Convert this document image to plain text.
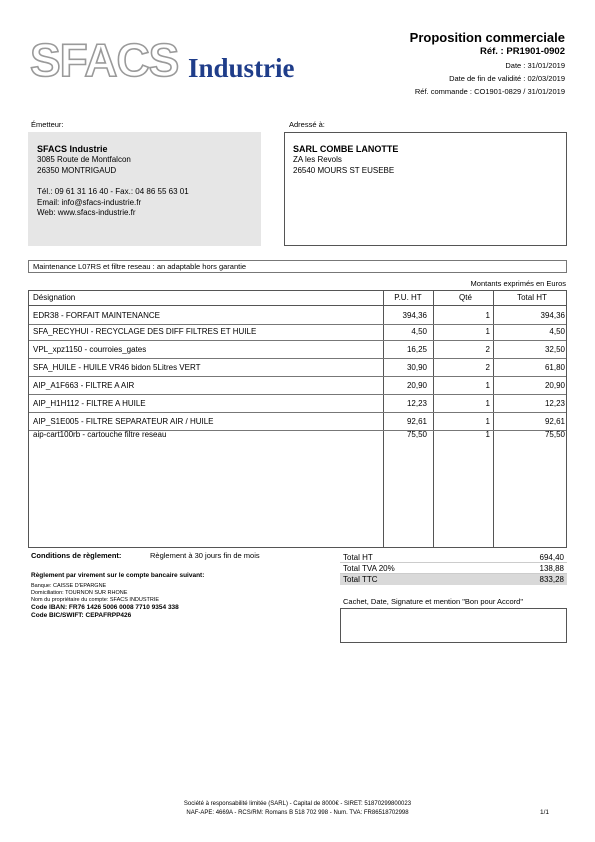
SFACS Industrie
Proposition commerciale
Réf. : PR1901-0902
Date : 31/01/2019
Date de fin de validité : 02/03/2019
Réf. commande : CO1901-0829 / 31/01/2019
Émetteur:
SFACS Industrie
3085 Route de Montfalcon
26350 MONTRIGAUD
Tél.: 09 61 31 16 40 - Fax.: 04 86 55 63 01
Email: info@sfacs-industrie.fr
Web: www.sfacs-industrie.fr
Adressé à:
SARL COMBE LANOTTE
ZA les Revols
26540 MOURS ST EUSEBE
Maintenance L07RS et filtre reseau : an adaptable hors garantie
Montants exprimés en Euros
Désignation	P.U. HT	Qté	Total HT
EDR38 - FORFAIT MAINTENANCE	394,36	1	394,36
SFA_RECYHUI - RECYCLAGE DES DIFF FILTRES ET HUILE	4,50	1	4,50
VPL_xpz1150 - courroies_gates	16,25	2	32,50
SFA_HUILE - HUILE VR46 bidon 5Litres VERT	30,90	2	61,80
AIP_A1F663 - FILTRE A AIR	20,90	1	20,90
AIP_H1H112 - FILTRE A HUILE	12,23	1	12,23
AIP_S1E005 - FILTRE SEPARATEUR AIR / HUILE	92,61	1	92,61
aip-cart100rb - cartouche filtre reseau	75,50	1	75,50
Conditions de règlement:	Règlement à 30 jours fin de mois
Règlement par virement sur le compte bancaire suivant:
Banque: CAISSE D'EPARGNE
Domiciliation: TOURNON SUR RHONE
Nom du propriétaire du compte: SFACS INDUSTRIE
Code IBAN: FR76 1426 5006 0008 7710 9354 338
Code BIC/SWIFT: CEPAFRPP426
Total HT	694,40
Total TVA 20%	138,88
Total TTC	833,28
Cachet, Date, Signature et mention "Bon pour Accord"
Société à responsabilité limitée (SARL) - Capital de 8000€ - SIRET: 51870299800023
NAF-APE: 4669A - RCS/RM: Romans B 518 702 998 - Num. TVA: FR86518702998	1/1
